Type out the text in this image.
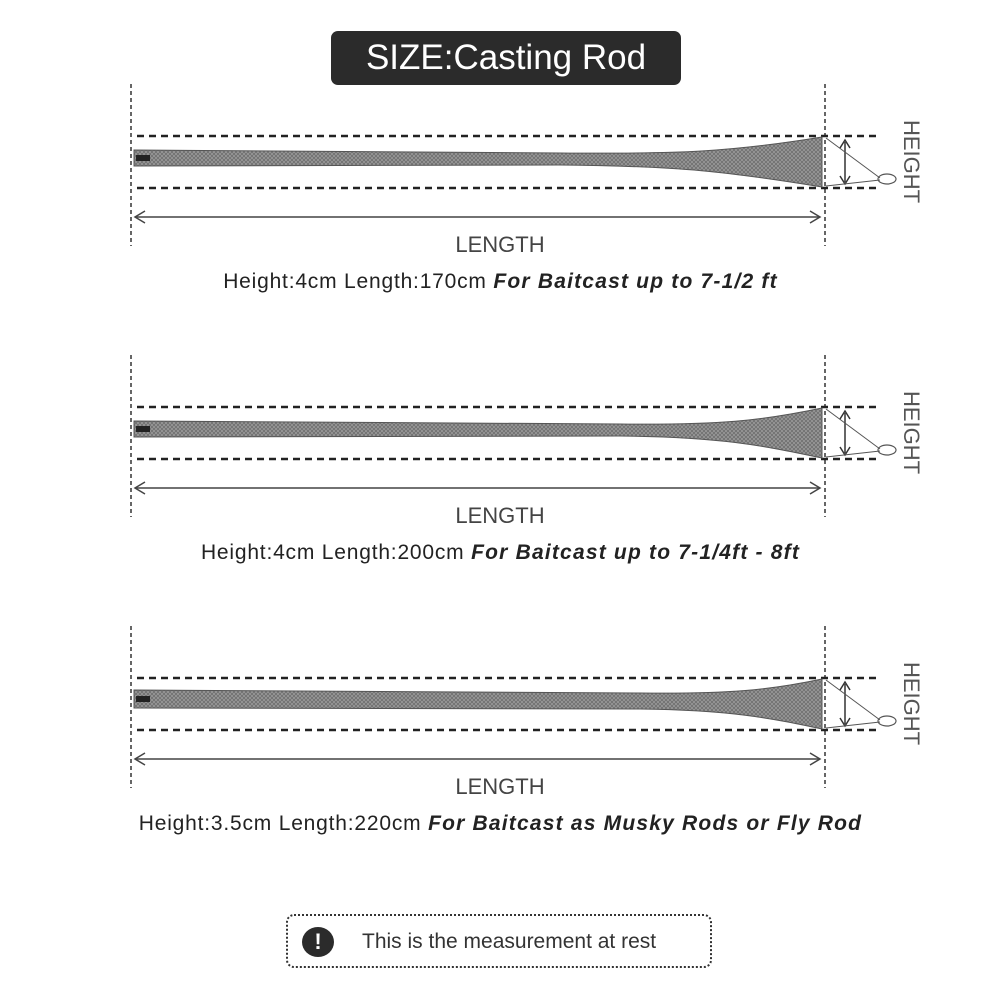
SIZE:Casting Rod
LENGTH
HEIGHT
Height:4cm Length:170cm For Baitcast up to 7-1/2 ft
LENGTH
HEIGHT
Height:4cm Length:200cm For Baitcast up to 7-1/4ft - 8ft
LENGTH
HEIGHT
Height:3.5cm Length:220cm For Baitcast as Musky Rods or Fly Rod
!	This is the measurement at rest
